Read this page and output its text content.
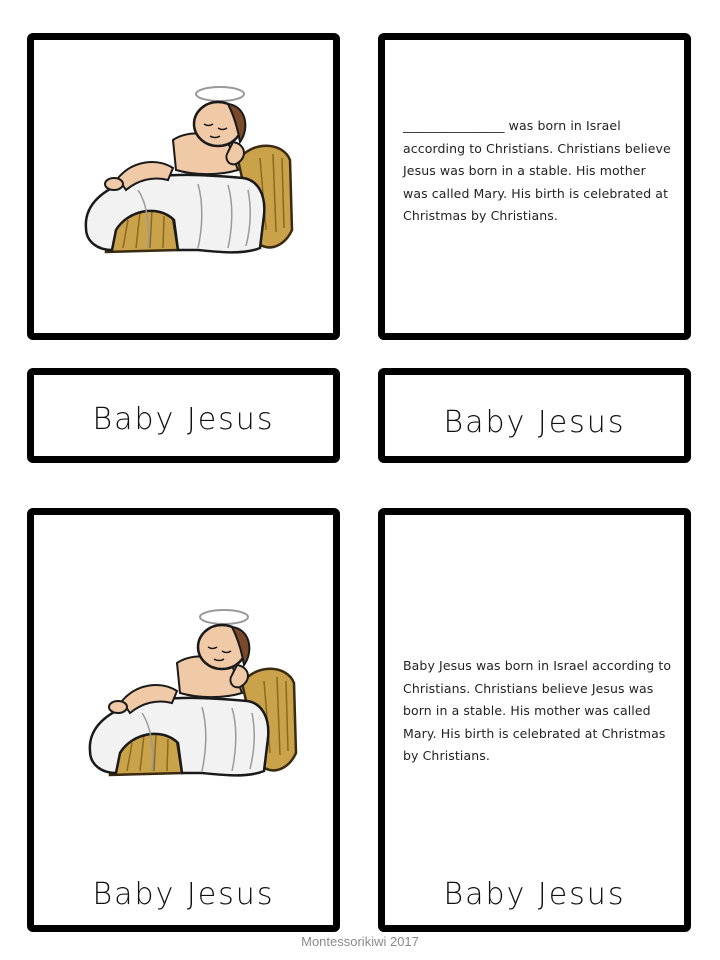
________________ was born in Israel according to Christians. Christians believe Jesus was born in a stable. His mother was called Mary. His birth is celebrated at Christmas by Christians.
Baby Jesus	Baby Jesus
Baby Jesus
Baby Jesus was born in Israel according to Christians. Christians believe Jesus was born in a stable. His mother was called Mary. His birth is celebrated at Christmas by Christians.
Baby Jesus
Montessorikiwi 2017
